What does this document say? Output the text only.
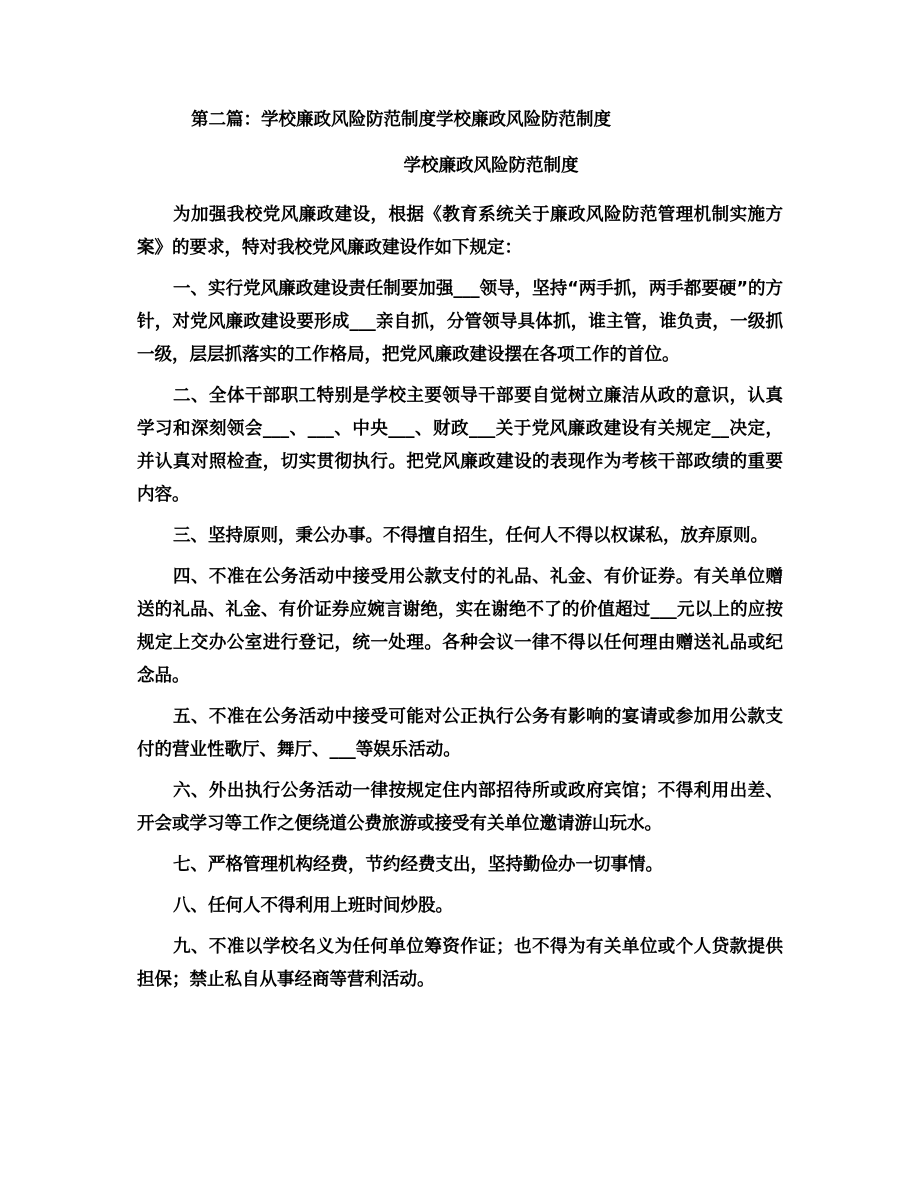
第二篇：学校廉政风险防范制度学校廉政风险防范制度
学校廉政风险防范制度

为加强我校党风廉政建设，根据《教育系统关于廉政风险防范管理机制实施方案》的要求，特对我校党风廉政建设作如下规定：

一、实行党风廉政建设责任制要加强___领导，坚持“两手抓，两手都要硬”的方针，对党风廉政建设要形成___亲自抓，分管领导具体抓，谁主管，谁负责，一级抓一级，层层抓落实的工作格局，把党风廉政建设摆在各项工作的首位。

二、全体干部职工特别是学校主要领导干部要自觉树立廉洁从政的意识，认真学习和深刻领会___、___、中央___、财政___关于党风廉政建设有关规定__决定，并认真对照检查，切实贯彻执行。把党风廉政建设的表现作为考核干部政绩的重要内容。

三、坚持原则，秉公办事。不得擅自招生，任何人不得以权谋私，放弃原则。

四、不准在公务活动中接受用公款支付的礼品、礼金、有价证券。有关单位赠送的礼品、礼金、有价证券应婉言谢绝，实在谢绝不了的价值超过___元以上的应按规定上交办公室进行登记，统一处理。各种会议一律不得以任何理由赠送礼品或纪念品。

五、不准在公务活动中接受可能对公正执行公务有影响的宴请或参加用公款支付的营业性歌厅、舞厅、___等娱乐活动。

六、外出执行公务活动一律按规定住内部招待所或政府宾馆；不得利用出差、开会或学习等工作之便绕道公费旅游或接受有关单位邀请游山玩水。

七、严格管理机构经费，节约经费支出，坚持勤俭办一切事情。

八、任何人不得利用上班时间炒股。

九、不准以学校名义为任何单位筹资作证；也不得为有关单位或个人贷款提供担保；禁止私自从事经商等营利活动。
